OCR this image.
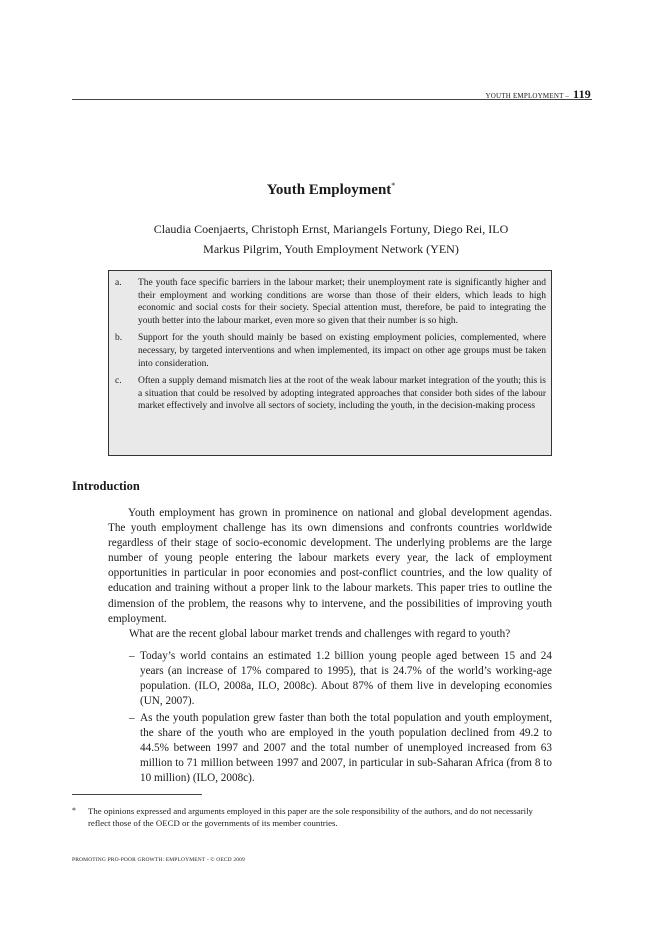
YOUTH EMPLOYMENT – 119
Youth Employment*
Claudia Coenjaerts, Christoph Ernst, Mariangels Fortuny, Diego Rei, ILO
Markus Pilgrim, Youth Employment Network (YEN)
a.	The youth face specific barriers in the labour market; their unemployment rate is significantly higher and their employment and working conditions are worse than those of their elders, which leads to high economic and social costs for their society. Special attention must, therefore, be paid to integrating the youth better into the labour market, even more so given that their number is so high.
b.	Support for the youth should mainly be based on existing employment policies, complemented, where necessary, by targeted interventions and when implemented, its impact on other age groups must be taken into consideration.
c.	Often a supply demand mismatch lies at the root of the weak labour market integration of the youth; this is a situation that could be resolved by adopting integrated approaches that consider both sides of the labour market effectively and involve all sectors of society, including the youth, in the decision-making process
Introduction
Youth employment has grown in prominence on national and global development agendas. The youth employment challenge has its own dimensions and confronts countries worldwide regardless of their stage of socio-economic development. The underlying problems are the large number of young people entering the labour markets every year, the lack of employment opportunities in particular in poor economies and post-conflict countries, and the low quality of education and training without a proper link to the labour markets. This paper tries to outline the dimension of the problem, the reasons why to intervene, and the possibilities of improving youth employment.
What are the recent global labour market trends and challenges with regard to youth?
– Today’s world contains an estimated 1.2 billion young people aged between 15 and 24 years (an increase of 17% compared to 1995), that is 24.7% of the world’s working-age population. (ILO, 2008a, ILO, 2008c). About 87% of them live in developing economies (UN, 2007).
– As the youth population grew faster than both the total population and youth employment, the share of the youth who are employed in the youth population declined from 49.2 to 44.5% between 1997 and 2007 and the total number of unemployed increased from 63 million to 71 million between 1997 and 2007, in particular in sub-Saharan Africa (from 8 to 10 million) (ILO, 2008c).
*	The opinions expressed and arguments employed in this paper are the sole responsibility of the authors, and do not necessarily reflect those of the OECD or the governments of its member countries.
PROMOTING PRO-POOR GROWTH: EMPLOYMENT - © OECD 2009
